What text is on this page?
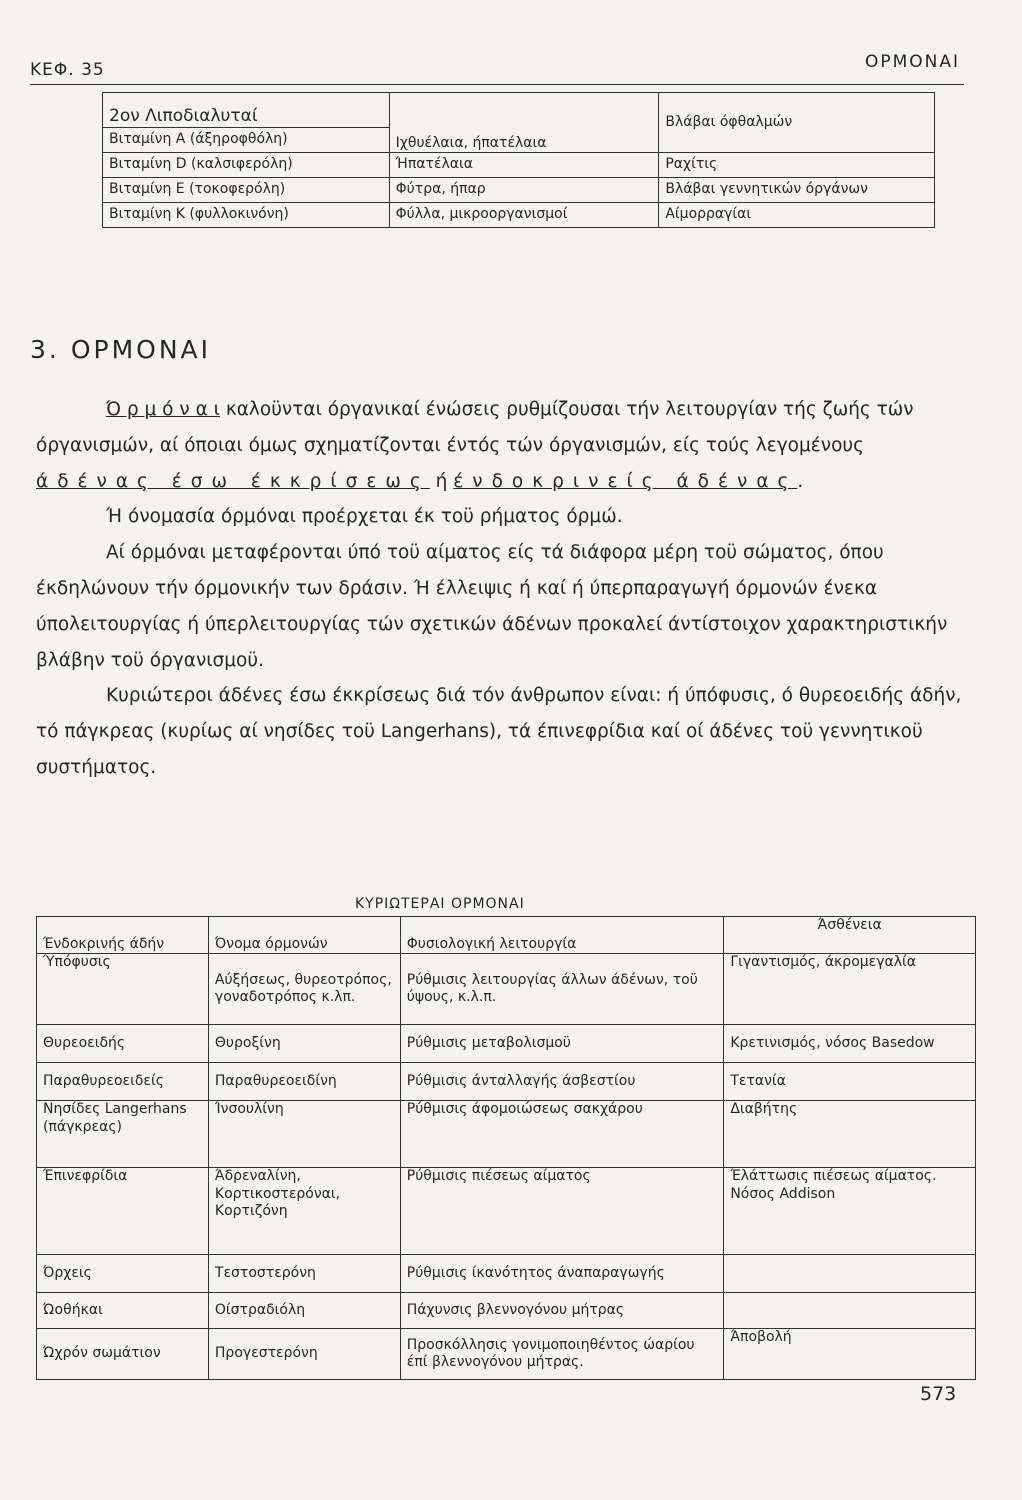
ΚΕΦ. 35	ΟΡΜΟΝΑΙ
2ον Λιποδιαλυταί	Ιχθυέλαια, ήπατέλαια	Βλάβαι όφθαλμών
Βιταμίνη Α (άξηροφθόλη)		
Βιταμίνη D (καλσιφερόλη)	Ήπατέλαια	Ραχίτις
Βιταμίνη Ε (τοκοφερόλη)	Φύτρα, ήπαρ	Βλάβαι γεννητικών όργάνων
Βιταμίνη Κ (φυλλοκινόνη)	Φύλλα, μικροοργανισμοί	Αίμορραγίαι
3. ΟΡΜΟΝΑΙ

Ό ρ μ ό ν α ι καλοϋνται όργανικαί ένώσεις ρυθμίζουσαι τήν λειτουργίαν τής ζωής τών όργανισμών, αί όποιαι όμως σχηματίζονται έντός τών όργανισμών, είς τούς λεγομένους άδένας έσω έκκρίσεως ή ένδοκρινείς άδένας.

Ή όνομασία όρμόναι προέρχεται έκ τοϋ ρήματος όρμώ.

Αί όρμόναι μεταφέρονται ύπό τοϋ αίματος είς τά διάφορα μέρη τοϋ σώματος, όπου έκδηλώνουν τήν όρμονικήν των δράσιν. Ή έλλειψις ή καί ή ύπερπαραγωγή όρμονών ένεκα ύπολειτουργίας ή ύπερλειτουργίας τών σχετικών άδένων προκαλεί άντίστοιχον χαρακτηριστικήν βλάβην τοϋ όργανισμοϋ.

Κυριώτεροι άδένες έσω έκκρίσεως διά τόν άνθρωπον είναι: ή ύπόφυσις, ό θυρεοειδής άδήν, τό πάγκρεας (κυρίως αί νησίδες τοϋ Langerhans), τά έπινεφρίδια καί οί άδένες τοϋ γεννητικοϋ συστήματος.

ΚΥΡΙΩΤΕΡΑΙ ΟΡΜΟΝΑΙ
Ένδοκρινής άδήν	Όνομα όρμονών	Φυσιολογική λειτουργία	Άσθένεια
Ύπόφυσις	Αύξήσεως, θυρεοτρόπος, γοναδοτρόπος κ.λπ.	Ρύθμισις λειτουργίας άλλων άδένων, τοϋ ύψους, κ.λ.π.	Γιγαντισμός, άκρομεγαλία
Θυρεοειδής	Θυροξίνη	Ρύθμισις μεταβολισμοϋ	Κρετινισμός, νόσος Basedow
Παραθυρεοειδείς	Παραθυρεοειδίνη	Ρύθμισις άνταλλαγής άσβεστίου	Τετανία
Νησίδες Langerhans (πάγκρεας)	Ίνσουλίνη	Ρύθμισις άφομοιώσεως σακχάρου	Διαβήτης
Έπινεφρίδια	Άδρεναλίνη, Κορτικοστερόναι, Κορτιζόνη	Ρύθμισις πιέσεως αίματος	Έλάττωσις πιέσεως αίματος. Νόσος Addison
Όρχεις	Τεστοστερόνη	Ρύθμισις ίκανότητος άναπαραγωγής	
Ώοθήκαι	Οίστραδιόλη	Πάχυνσις βλεννογόνου μήτρας	
Ώχρόν σωμάτιον	Προγεστερόνη	Προσκόλλησις γονιμοποιηθέντος ώαρίου έπί βλεννογόνου μήτρας.	Άποβολή
573
